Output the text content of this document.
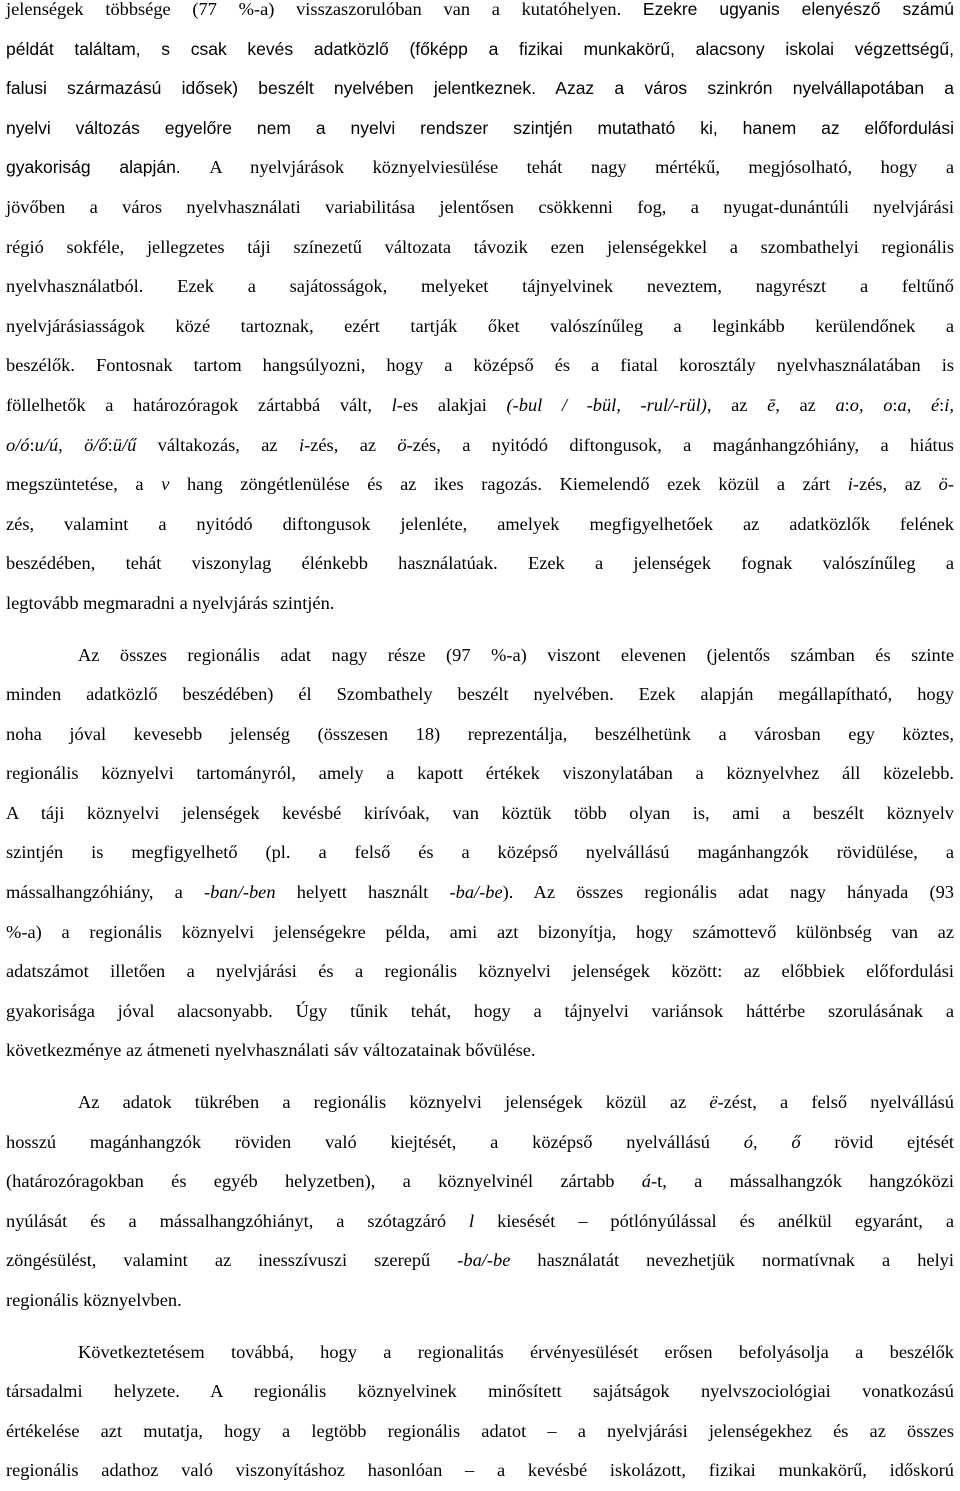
jelenségek többsége (77 %-a) visszaszorulóban van a kutatóhelyen. Ezekre ugyanis elenyésző számú

példát találtam, s csak kevés adatközlő (főképp a fizikai munkakörű, alacsony iskolai végzettségű,

falusi származású idősek) beszélt nyelvében jelentkeznek. Azaz a város szinkrón nyelvállapotában a

nyelvi változás egyelőre nem a nyelvi rendszer szintjén mutatható ki, hanem az előfordulási

gyakoriság alapján. A nyelvjárások köznyelviesülése tehát nagy mértékű, megjósolható, hogy a

jövőben a város nyelvhasználati variabilitása jelentősen csökkenni fog, a nyugat-dunántúli nyelvjárási

régió sokféle, jellegzetes táji színezetű változata távozik ezen jelenségekkel a szombathelyi regionális

nyelvhasználatból. Ezek a sajátosságok, melyeket tájnyelvinek neveztem, nagyrészt a feltűnő

nyelvjárásiasságok közé tartoznak, ezért tartják őket valószínűleg a leginkább kerülendőnek a

beszélők. Fontosnak tartom hangsúlyozni, hogy a középső és a fiatal korosztály nyelvhasználatában is

föllelhetők a határozóragok zártabbá vált, l-es alakjai (-bul / -bül, -rul/-rül), az ē, az a:o, o:a, é:i,

o/ó:u/ú, ö/ő:ü/ű váltakozás, az i-zés, az ö-zés, a nyitódó diftongusok, a magánhangzóhiány, a hiátus

megszüntetése, a v hang zöngétlenülése és az ikes ragozás. Kiemelendő ezek közül a zárt i-zés, az ö-

zés, valamint a nyitódó diftongusok jelenléte, amelyek megfigyelhetőek az adatközlők felének

beszédében, tehát viszonylag élénkebb használatúak. Ezek a jelenségek fognak valószínűleg a

legtovább megmaradni a nyelvjárás szintjén.

Az összes regionális adat nagy része (97 %-a) viszont elevenen (jelentős számban és szinte

minden adatközlő beszédében) él Szombathely beszélt nyelvében. Ezek alapján megállapítható, hogy

noha jóval kevesebb jelenség (összesen 18) reprezentálja, beszélhetünk a városban egy köztes,

regionális köznyelvi tartományról, amely a kapott értékek viszonylatában a köznyelvhez áll közelebb.

A táji köznyelvi jelenségek kevésbé kirívóak, van köztük több olyan is, ami a beszélt köznyelv

szintjén is megfigyelhető (pl. a felső és a középső nyelvállású magánhangzók rövidülése, a

mássalhangzóhiány, a -ban/-ben helyett használt -ba/-be). Az összes regionális adat nagy hányada (93

%-a) a regionális köznyelvi jelenségekre példa, ami azt bizonyítja, hogy számottevő különbség van az

adatszámot illetően a nyelvjárási és a regionális köznyelvi jelenségek között: az előbbiek előfordulási

gyakorisága jóval alacsonyabb. Úgy tűnik tehát, hogy a tájnyelvi variánsok háttérbe szorulásának a

következménye az átmeneti nyelvhasználati sáv változatainak bővülése.

Az adatok tükrében a regionális köznyelvi jelenségek közül az ë-zést, a felső nyelvállású

hosszú magánhangzók röviden való kiejtését, a középső nyelvállású ó, ő rövid ejtését

(határozóragokban és egyéb helyzetben), a köznyelvinél zártabb á-t, a mássalhangzók hangzóközi

nyúlását és a mássalhangzóhiányt, a szótagzáró l kiesését – pótlónyúlással és anélkül egyaránt, a

zöngésülést, valamint az inesszívuszi szerepű -ba/-be használatát nevezhetjük normatívnak a helyi

regionális köznyelvben.

Következtetésem továbbá, hogy a regionalitás érvényesülését erősen befolyásolja a beszélők

társadalmi helyzete. A regionális köznyelvinek minősített sajátságok nyelvszociológiai vonatkozású

értékelése azt mutatja, hogy a legtöbb regionális adatot – a nyelvjárási jelenségekhez és az összes

regionális adathoz való viszonyításhoz hasonlóan – a kevésbé iskolázott, fizikai munkakörű, időskorú
